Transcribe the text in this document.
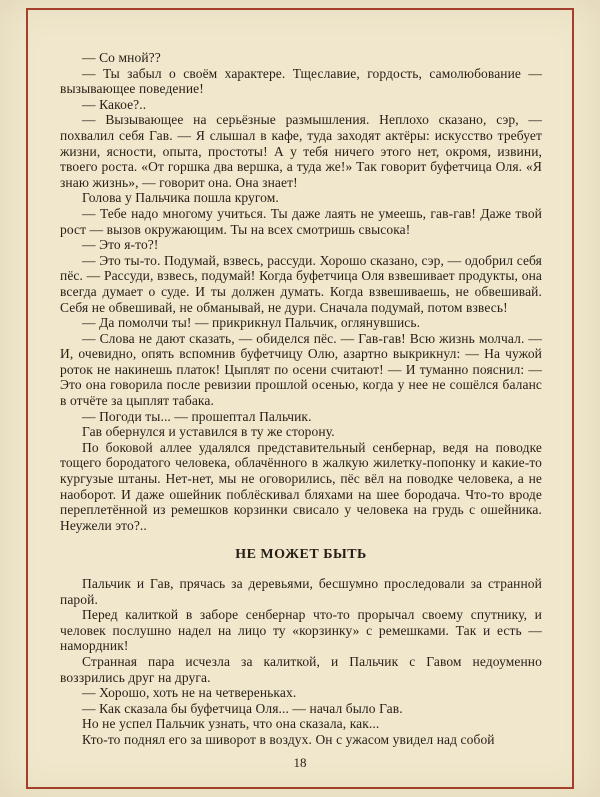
— Со мной??

— Ты забыл о своём характере. Тщеславие, гордость, самолюбование — вызывающее поведение!

— Какое?..

— Вызывающее на серьёзные размышления. Неплохо сказано, сэр, — похвалил себя Гав. — Я слышал в кафе, туда заходят актёры: искусство требует жизни, ясности, опыта, простоты! А у тебя ничего этого нет, окромя, извини, твоего роста. «От горшка два вершка, а туда же!» Так говорит буфетчица Оля. «Я знаю жизнь», — говорит она. Она знает!

Голова у Пальчика пошла кругом.

— Тебе надо многому учиться. Ты даже лаять не умеешь, гав-гав! Даже твой рост — вызов окружающим. Ты на всех смотришь свысока!

— Это я-то?!

— Это ты-то. Подумай, взвесь, рассуди. Хорошо сказано, сэр, — одобрил себя пёс. — Рассуди, взвесь, подумай! Когда буфетчица Оля взвешивает продукты, она всегда думает о суде. И ты должен думать. Когда взвешиваешь, не обвешивай. Себя не обвешивай, не обманывай, не дури. Сначала подумай, потом взвесь!

— Да помолчи ты! — прикрикнул Пальчик, оглянувшись.

— Слова не дают сказать, — обиделся пёс. — Гав-гав! Всю жизнь молчал. — И, очевидно, опять вспомнив буфетчицу Олю, азартно выкрикнул: — На чужой роток не накинешь платок! Цыплят по осени считают! — И туманно пояснил: — Это она говорила после ревизии прошлой осенью, когда у нее не сошёлся баланс в отчёте за цыплят табака.

— Погоди ты... — прошептал Пальчик.

Гав обернулся и уставился в ту же сторону.

По боковой аллее удалялся представительный сенбернар, ведя на поводке тощего бородатого человека, облачённого в жалкую жилетку-попонку и какие-то кургузые штаны. Нет-нет, мы не оговорились, пёс вёл на поводке человека, а не наоборот. И даже ошейник поблёскивал бляхами на шее бородача. Что-то вроде переплетённой из ремешков корзинки свисало у человека на грудь с ошейника. Неужели это?..

НЕ МОЖЕТ БЫТЬ

Пальчик и Гав, прячась за деревьями, бесшумно проследовали за странной парой.

Перед калиткой в заборе сенбернар что-то прорычал своему спутнику, и человек послушно надел на лицо ту «корзинку» с ремешками. Так и есть — намордник!

Странная пара исчезла за калиткой, и Пальчик с Гавом недоуменно воззрились друг на друга.

— Хорошо, хоть не на четвереньках.

— Как сказала бы буфетчица Оля... — начал было Гав.

Но не успел Пальчик узнать, что она сказала, как...

Кто-то поднял его за шиворот в воздух. Он с ужасом увидел над собой

18
